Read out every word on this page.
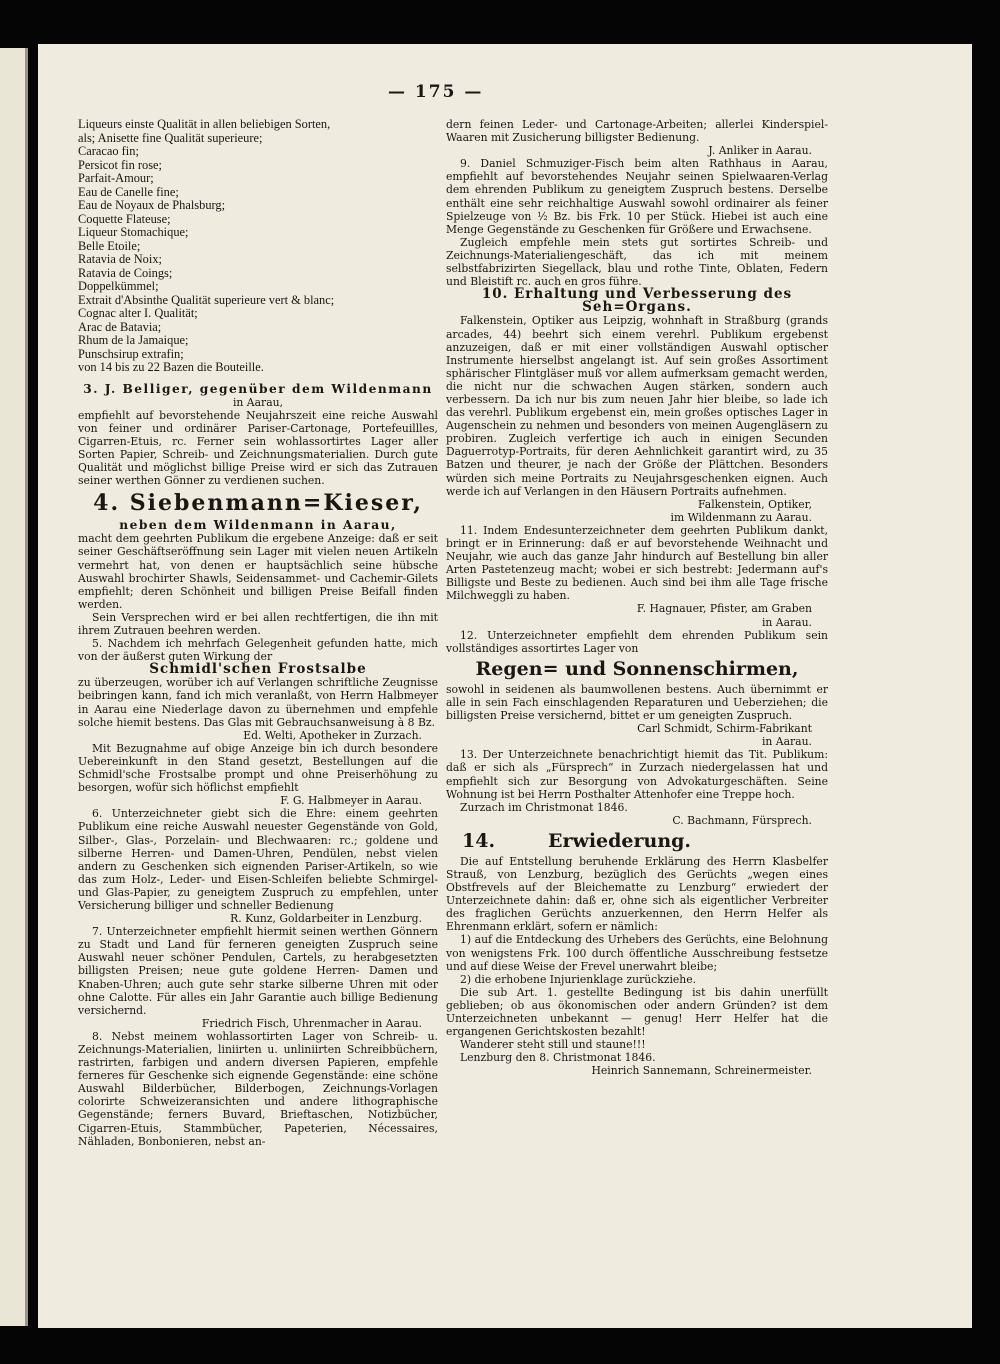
— 175 —

Liqueurs einste Qualität in allen beliebigen Sorten,

als; Anisette fine Qualität superieure;

Caracao fin;

Persicot fin rose;

Parfait-Amour;

Eau de Canelle fine;

Eau de Noyaux de Phalsburg;

Coquette Flateuse;

Liqueur Stomachique;

Belle Etoile;

Ratavia de Noix;

Ratavia de Coings;

Doppelkümmel;

Extrait d'Absinthe Qualität superieure vert & blanc;

Cognac alter I. Qualität;

Arac de Batavia;

Rhum de la Jamaique;

Punschsirup extrafin;

von 14 bis zu 22 Bazen die Bouteille.

3. J. Belliger, gegenüber dem Wildenmann

in Aarau,

empfiehlt auf bevorstehende Neujahrszeit eine reiche Auswahl von feiner und ordinärer Pariser-Cartonage, Portefeuillles, Cigarren-Etuis, rc. Ferner sein wohlassortirtes Lager aller Sorten Papier, Schreib- und Zeichnungsmaterialien. Durch gute Qualität und möglichst billige Preise wird er sich das Zutrauen seiner werthen Gönner zu verdienen suchen.

4. Siebenmann=Kieser,

neben dem Wildenmann in Aarau,

macht dem geehrten Publikum die ergebene Anzeige: daß er seit seiner Geschäftseröffnung sein Lager mit vielen neuen Artikeln vermehrt hat, von denen er hauptsächlich seine hübsche Auswahl brochirter Shawls, Seidensammet- und Cachemir-Gilets empfiehlt; deren Schönheit und billigen Preise Beifall finden werden.

Sein Versprechen wird er bei allen rechtfertigen, die ihn mit ihrem Zutrauen beehren werden.

5. Nachdem ich mehrfach Gelegenheit gefunden hatte, mich von der äußerst guten Wirkung der

Schmidl'schen Frostsalbe

zu überzeugen, worüber ich auf Verlangen schriftliche Zeugnisse beibringen kann, fand ich mich veranlaßt, von Herrn Halbmeyer in Aarau eine Niederlage davon zu übernehmen und empfehle solche hiemit bestens. Das Glas mit Gebrauchsanweisung à 8 Bz.

Ed. Welti, Apotheker in Zurzach.

Mit Bezugnahme auf obige Anzeige bin ich durch besondere Uebereinkunft in den Stand gesetzt, Bestellungen auf die Schmidl'sche Frostsalbe prompt und ohne Preiserhöhung zu besorgen, wofür sich höflichst empfiehlt

F. G. Halbmeyer in Aarau.

6. Unterzeichneter giebt sich die Ehre: einem geehrten Publikum eine reiche Auswahl neuester Gegenstände von Gold, Silber-, Glas-, Porzelain- und Blechwaaren: rc.; goldene und silberne Herren- und Damen-Uhren, Pendülen, nebst vielen andern zu Geschenken sich eignenden Pariser-Artikeln, so wie das zum Holz-, Leder- und Eisen-Schleifen beliebte Schmirgel- und Glas-Papier, zu geneigtem Zuspruch zu empfehlen, unter Versicherung billiger und schneller Bedienung

R. Kunz, Goldarbeiter in Lenzburg.

7. Unterzeichneter empfiehlt hiermit seinen werthen Gönnern zu Stadt und Land für ferneren geneigten Zuspruch seine Auswahl neuer schöner Pendulen, Cartels, zu herabgesetzten billigsten Preisen; neue gute goldene Herren- Damen und Knaben-Uhren; auch gute sehr starke silberne Uhren mit oder ohne Calotte. Für alles ein Jahr Garantie auch billige Bedienung versichernd.

Friedrich Fisch, Uhrenmacher in Aarau.

8. Nebst meinem wohlassortirten Lager von Schreib- u. Zeichnungs-Materialien, liniirten u. unliniirten Schreibbüchern, rastrirten, farbigen und andern diversen Papieren, empfehle ferneres für Geschenke sich eignende Gegenstände: eine schöne Auswahl Bilderbücher, Bilderbogen, Zeichnungs-Vorlagen colorirte Schweizeransichten und andere lithographische Gegenstände; ferners Buvard, Brieftaschen, Notizbücher, Cigarren-Etuis, Stammbücher, Papeterien, Nécessaires, Nähladen, Bonbonieren, nebst an-

dern feinen Leder- und Cartonage-Arbeiten; allerlei Kinderspiel-Waaren mit Zusicherung billigster Bedienung.

J. Anliker in Aarau.

9. Daniel Schmuziger-Fisch beim alten Rathhaus in Aarau, empfiehlt auf bevorstehendes Neujahr seinen Spielwaaren-Verlag dem ehrenden Publikum zu geneigtem Zuspruch bestens. Derselbe enthält eine sehr reichhaltige Auswahl sowohl ordinairer als feiner Spielzeuge von ½ Bz. bis Frk. 10 per Stück. Hiebei ist auch eine Menge Gegenstände zu Geschenken für Größere und Erwachsene.

Zugleich empfehle mein stets gut sortirtes Schreib- und Zeichnungs-Materialiengeschäft, das ich mit meinem selbstfabrizirten Siegellack, blau und rothe Tinte, Oblaten, Federn und Bleistift rc. auch en gros führe.

10. Erhaltung und Verbesserung des

Seh=Organs.

Falkenstein, Optiker aus Leipzig, wohnhaft in Straßburg (grands arcades, 44) beehrt sich einem verehrl. Publikum ergebenst anzuzeigen, daß er mit einer vollständigen Auswahl optischer Instrumente hierselbst angelangt ist. Auf sein großes Assortiment sphärischer Flintgläser muß vor allem aufmerksam gemacht werden, die nicht nur die schwachen Augen stärken, sondern auch verbessern. Da ich nur bis zum neuen Jahr hier bleibe, so lade ich das verehrl. Publikum ergebenst ein, mein großes optisches Lager in Augenschein zu nehmen und besonders von meinen Augengläsern zu probiren. Zugleich verfertige ich auch in einigen Secunden Daguerrotyp-Portraits, für deren Aehnlichkeit garantirt wird, zu 35 Batzen und theurer, je nach der Größe der Plättchen. Besonders würden sich meine Portraits zu Neujahrsgeschenken eignen. Auch werde ich auf Verlangen in den Häusern Portraits aufnehmen.

Falkenstein, Optiker,

im Wildenmann zu Aarau.

11. Indem Endesunterzeichneter dem geehrten Publikum dankt, bringt er in Erinnerung: daß er auf bevorstehende Weihnacht und Neujahr, wie auch das ganze Jahr hindurch auf Bestellung bin aller Arten Pastetenzeug macht; wobei er sich bestrebt: Jedermann auf's Billigste und Beste zu bedienen. Auch sind bei ihm alle Tage frische Milchweggli zu haben.

F. Hagnauer, Pfister, am Graben

in Aarau.

12. Unterzeichneter empfiehlt dem ehrenden Publikum sein vollständiges assortirtes Lager von

Regen= und Sonnenschirmen,

sowohl in seidenen als baumwollenen bestens. Auch übernimmt er alle in sein Fach einschlagenden Reparaturen und Ueberziehen; die billigsten Preise versichernd, bittet er um geneigten Zuspruch.

Carl Schmidt, Schirm-Fabrikant

in Aarau.

13. Der Unterzeichnete benachrichtigt hiemit das Tit. Publikum: daß er sich als „Fürsprech“ in Zurzach niedergelassen hat und empfiehlt sich zur Besorgung von Advokaturgeschäften. Seine Wohnung ist bei Herrn Posthalter Attenhofer eine Treppe hoch.

Zurzach im Christmonat 1846.

C. Bachmann, Fürsprech.

14.        Erwiederung.

Die auf Entstellung beruhende Erklärung des Herrn Klasbelfer Strauß, von Lenzburg, bezüglich des Gerüchts „wegen eines Obstfrevels auf der Bleichematte zu Lenzburg“ erwiedert der Unterzeichnete dahin: daß er, ohne sich als eigentlicher Verbreiter des fraglichen Gerüchts anzuerkennen, den Herrn Helfer als Ehrenmann erklärt, sofern er nämlich:

1) auf die Entdeckung des Urhebers des Gerüchts, eine Belohnung von wenigstens Frk. 100 durch öffentliche Ausschreibung festsetze und auf diese Weise der Frevel unerwahrt bleibe;

2) die erhobene Injurienklage zurückziehe.

Die sub Art. 1. gestellte Bedingung ist bis dahin unerfüllt geblieben; ob aus ökonomischen oder andern Gründen? ist dem Unterzeichneten unbekannt — genug! Herr Helfer hat die ergangenen Gerichtskosten bezahlt!

Wanderer steht still und staune!!!

Lenzburg den 8. Christmonat 1846.

Heinrich Sannemann, Schreinermeister.
